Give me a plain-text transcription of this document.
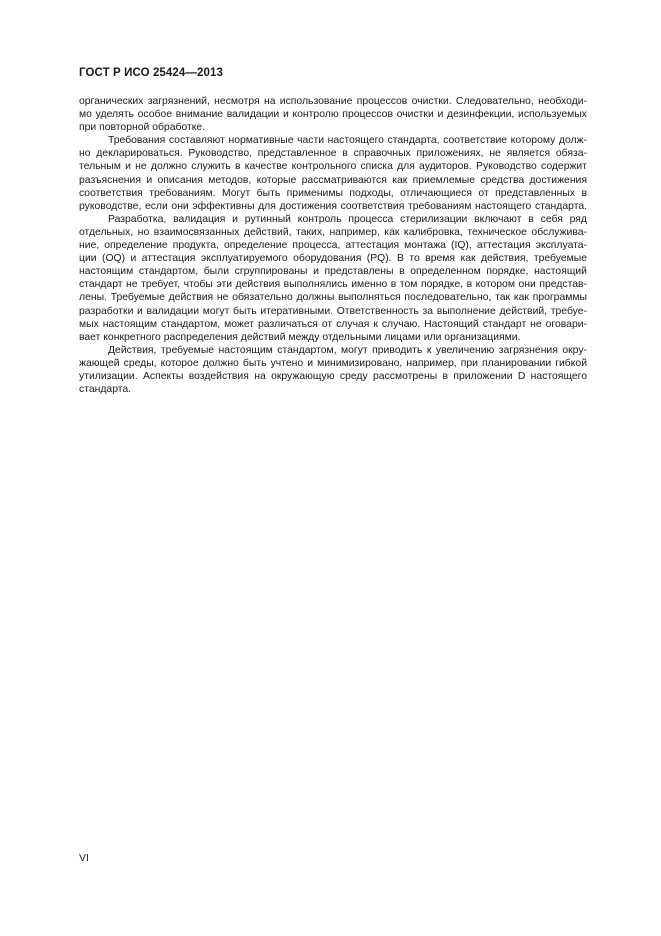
ГОСТ Р ИСО 25424—2013
органических загрязнений, несмотря на использование процессов очистки. Следовательно, необходи-
мо уделять особое внимание валидации и контролю процессов очистки и дезинфекции, используемых
при повторной обработке.
Требования составляют нормативные части настоящего стандарта, соответствие которому долж-
но декларироваться. Руководство, представленное в справочных приложениях, не является обяза-
тельным и не должно служить в качестве контрольного списка для аудиторов. Руководство содержит
разъяснения и описания методов, которые рассматриваются как приемлемые средства достижения
соответствия требованиям. Могут быть применимы подходы, отличающиеся от представленных в
руководстве, если они эффективны для достижения соответствия требованиям настоящего стандарта.
Разработка, валидация и рутинный контроль процесса стерилизации включают в себя ряд
отдельных, но взаимосвязанных действий, таких, например, как калибровка, техническое обслужива-
ние, определение продукта, определение процесса, аттестация монтажа (IQ), аттестация эксплуата-
ции (OQ) и аттестация эксплуатируемого оборудования (PQ). В то время как действия, требуемые
настоящим стандартом, были сгруппированы и представлены в определенном порядке, настоящий
стандарт не требует, чтобы эти действия выполнялись именно в том порядке, в котором они представ-
лены. Требуемые действия не обязательно должны выполняться последовательно, так как программы
разработки и валидации могут быть итеративными. Ответственность за выполнение действий, требуе-
мых настоящим стандартом, может различаться от случая к случаю. Настоящий стандарт не оговари-
вает конкретного распределения действий между отдельными лицами или организациями.
Действия, требуемые настоящим стандартом, могут приводить к увеличению загрязнения окру-
жающей среды, которое должно быть учтено и минимизировано, например, при планировании гибкой
утилизации. Аспекты воздействия на окружающую среду рассмотрены в приложении D настоящего
стандарта.
VI
